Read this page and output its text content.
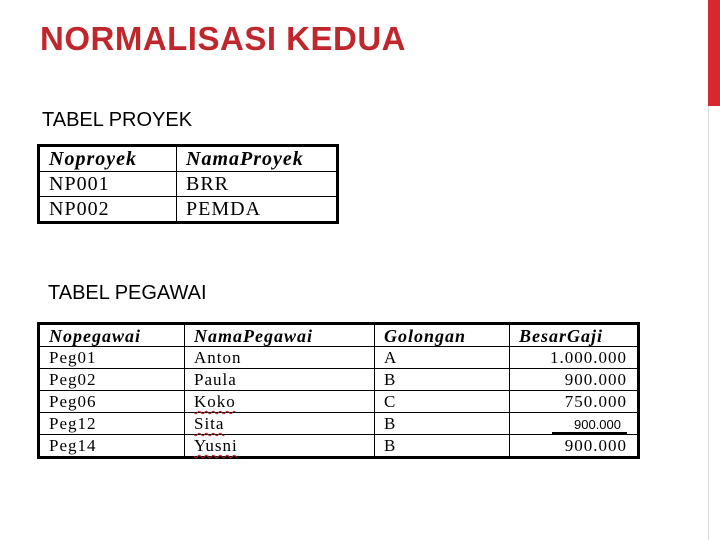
NORMALISASI KEDUA
TABEL PROYEK
Noproyek	NamaProyek
NP001	BRR
NP002	PEMDA
TABEL PEGAWAI
Nopegawai	NamaPegawai	Golongan	BesarGaji
Peg01	Anton	A	1.000.000
Peg02	Paula	B	900.000
Peg06	Koko	C	750.000
Peg12	Sita	B	900.000
Peg14	Yusni	B	900.000
